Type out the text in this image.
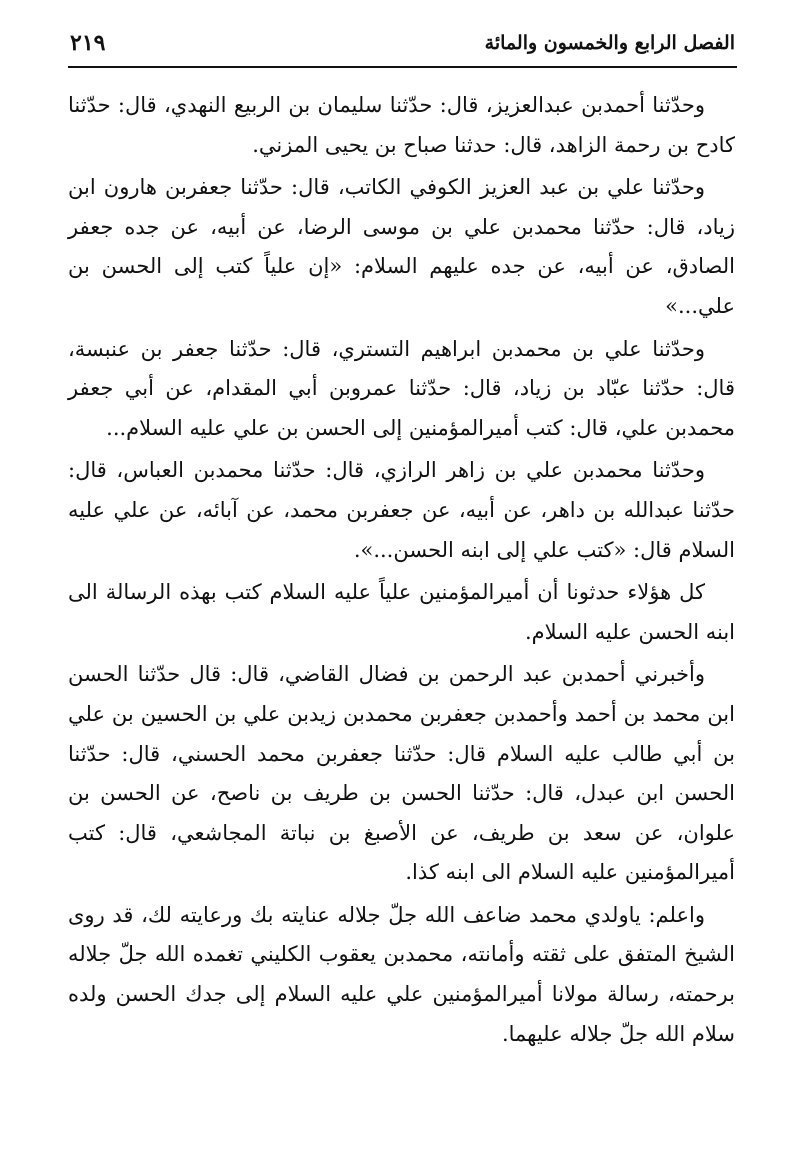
الفصل الرابع والخمسون والمائة
٢١٩

وحدّثنا أحمدبن عبدالعزيز، قال: حدّثنا سليمان بن الربيع النهدي، قال: حدّثنا كادح بن رحمة الزاهد، قال: حدثنا صباح بن يحيى المزني.

وحدّثنا علي بن عبد العزيز الكوفي الكاتب، قال: حدّثنا جعفربن هارون ابن زياد، قال: حدّثنا محمدبن علي بن موسى الرضا، عن أبيه، عن جده جعفر الصادق، عن أبيه، عن جده عليهم السلام: «إن علياً كتب إلى الحسن بن علي...»

وحدّثنا علي بن محمدبن ابراهيم التستري، قال: حدّثنا جعفر بن عنبسة، قال: حدّثنا عبّاد بن زياد، قال: حدّثنا عمروبن أبي المقدام، عن أبي جعفر محمدبن علي، قال: كتب أميرالمؤمنين إلى الحسن بن علي عليه السلام...

وحدّثنا محمدبن علي بن زاهر الرازي، قال: حدّثنا محمدبن العباس، قال: حدّثنا عبدالله بن داهر، عن أبيه، عن جعفربن محمد، عن آبائه، عن علي عليه السلام قال: «كتب علي إلى ابنه الحسن...».

كل هؤلاء حدثونا أن أميرالمؤمنين علياً عليه السلام كتب بهذه الرسالة الى ابنه الحسن عليه السلام.

وأخبرني أحمدبن عبد الرحمن بن فضال القاضي، قال: قال حدّثنا الحسن ابن محمد بن أحمد وأحمدبن جعفربن محمدبن زيدبن علي بن الحسين بن علي بن أبي طالب عليه السلام قال: حدّثنا جعفربن محمد الحسني، قال: حدّثنا الحسن ابن عبدل، قال: حدّثنا الحسن بن طريف بن ناصح، عن الحسن بن علوان، عن سعد بن طريف، عن الأصبغ بن نباتة المجاشعي، قال: كتب أميرالمؤمنين عليه السلام الى ابنه كذا.

واعلم: ياولدي محمد ضاعف الله جلّ جلاله عنايته بك ورعايته لك، قد روى الشيخ المتفق على ثقته وأمانته، محمدبن يعقوب الكليني تغمده الله جلّ جلاله برحمته، رسالة مولانا أميرالمؤمنين علي عليه السلام إلى جدك الحسن ولده سلام الله جلّ جلاله عليهما.
